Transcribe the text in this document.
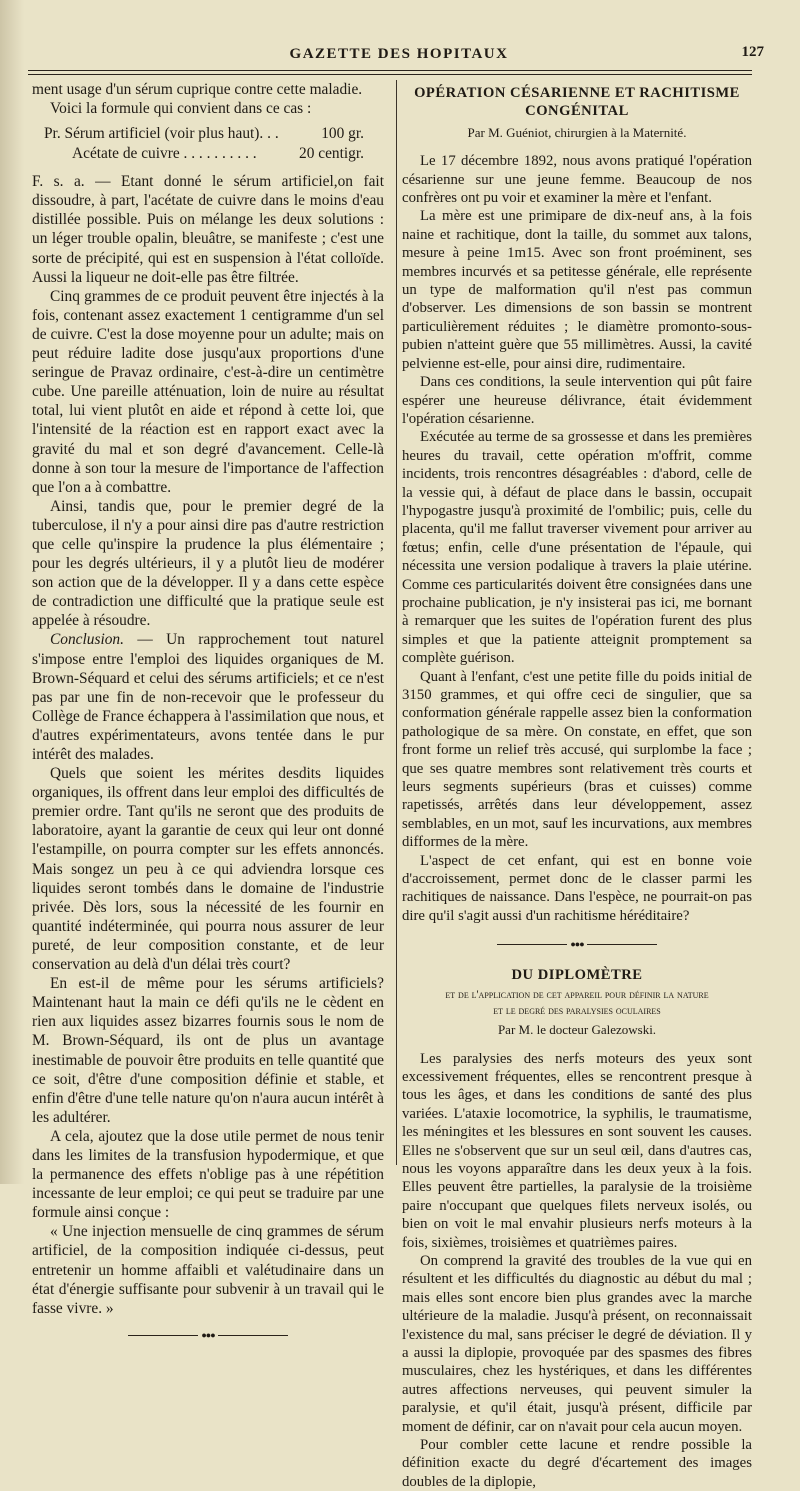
GAZETTE DES HOPITAUX	127

ment usage d'un sérum cuprique contre cette maladie.

Voici la formule qui convient dans ce cas :

Pr. Sérum artificiel (voir plus haut). . .	100 gr.
Acétate de cuivre . . . . . . . . . .	20 centigr.

F. s. a. — Etant donné le sérum artificiel,on fait dissoudre, à part, l'acétate de cuivre dans le moins d'eau distillée possible. Puis on mélange les deux solutions : un léger trouble opalin, bleuâtre, se manifeste ; c'est une sorte de précipité, qui est en suspension à l'état colloïde. Aussi la liqueur ne doit-elle pas être filtrée.

Cinq grammes de ce produit peuvent être injectés à la fois, contenant assez exactement 1 centigramme d'un sel de cuivre. C'est la dose moyenne pour un adulte; mais on peut réduire ladite dose jusqu'aux proportions d'une seringue de Pravaz ordinaire, c'est-à-dire un centimètre cube. Une pareille atténuation, loin de nuire au résultat total, lui vient plutôt en aide et répond à cette loi, que l'intensité de la réaction est en rapport exact avec la gravité du mal et son degré d'avancement. Celle-là donne à son tour la mesure de l'importance de l'affection que l'on a à combattre.

Ainsi, tandis que, pour le premier degré de la tuberculose, il n'y a pour ainsi dire pas d'autre restriction que celle qu'inspire la prudence la plus élémentaire ; pour les degrés ultérieurs, il y a plutôt lieu de modérer son action que de la développer. Il y a dans cette espèce de contradiction une difficulté que la pratique seule est appelée à résoudre.

Conclusion. — Un rapprochement tout naturel s'impose entre l'emploi des liquides organiques de M. Brown-Séquard et celui des sérums artificiels; et ce n'est pas par une fin de non-recevoir que le professeur du Collège de France échappera à l'assimilation que nous, et d'autres expérimentateurs, avons tentée dans le pur intérêt des malades.

Quels que soient les mérites desdits liquides organiques, ils offrent dans leur emploi des difficultés de premier ordre. Tant qu'ils ne seront que des produits de laboratoire, ayant la garantie de ceux qui leur ont donné l'estampille, on pourra compter sur les effets annoncés. Mais songez un peu à ce qui adviendra lorsque ces liquides seront tombés dans le domaine de l'industrie privée. Dès lors, sous la nécessité de les fournir en quantité indéterminée, qui pourra nous assurer de leur pureté, de leur composition constante, et de leur conservation au delà d'un délai très court?

En est-il de même pour les sérums artificiels? Maintenant haut la main ce défi qu'ils ne le cèdent en rien aux liquides assez bizarres fournis sous le nom de M. Brown-Séquard, ils ont de plus un avantage inestimable de pouvoir être produits en telle quantité que ce soit, d'être d'une composition définie et stable, et enfin d'être d'une telle nature qu'on n'aura aucun intérêt à les adultérer.

A cela, ajoutez que la dose utile permet de nous tenir dans les limites de la transfusion hypodermique, et que la permanence des effets n'oblige pas à une répétition incessante de leur emploi; ce qui peut se traduire par une formule ainsi conçue :

« Une injection mensuelle de cinq grammes de sérum artificiel, de la composition indiquée ci-dessus, peut entretenir un homme affaibli et valétudinaire dans un état d'énergie suffisante pour subvenir à un travail qui le fasse vivre. »

●●●
OPÉRATION CÉSARIENNE ET RACHITISME CONGÉNITAL
Par M. Guéniot, chirurgien à la Maternité.

Le 17 décembre 1892, nous avons pratiqué l'opération césarienne sur une jeune femme. Beaucoup de nos confrères ont pu voir et examiner la mère et l'enfant.

La mère est une primipare de dix-neuf ans, à la fois naine et rachitique, dont la taille, du sommet aux talons, mesure à peine 1m15. Avec son front proéminent, ses membres incurvés et sa petitesse générale, elle représente un type de malformation qu'il n'est pas commun d'observer. Les dimensions de son bassin se montrent particulièrement réduites ; le diamètre promonto-sous-pubien n'atteint guère que 55 millimètres. Aussi, la cavité pelvienne est-elle, pour ainsi dire, rudimentaire.

Dans ces conditions, la seule intervention qui pût faire espérer une heureuse délivrance, était évidemment l'opération césarienne.

Exécutée au terme de sa grossesse et dans les premières heures du travail, cette opération m'offrit, comme incidents, trois rencontres désagréables : d'abord, celle de la vessie qui, à défaut de place dans le bassin, occupait l'hypogastre jusqu'à proximité de l'ombilic; puis, celle du placenta, qu'il me fallut traverser vivement pour arriver au fœtus; enfin, celle d'une présentation de l'épaule, qui nécessita une version podalique à travers la plaie utérine. Comme ces particularités doivent être consignées dans une prochaine publication, je n'y insisterai pas ici, me bornant à remarquer que les suites de l'opération furent des plus simples et que la patiente atteignit promptement sa complète guérison.

Quant à l'enfant, c'est une petite fille du poids initial de 3150 grammes, et qui offre ceci de singulier, que sa conformation générale rappelle assez bien la conformation pathologique de sa mère. On constate, en effet, que son front forme un relief très accusé, qui surplombe la face ; que ses quatre membres sont relativement très courts et leurs segments supérieurs (bras et cuisses) comme rapetissés, arrêtés dans leur développement, assez semblables, en un mot, sauf les incurvations, aux membres difformes de la mère.

L'aspect de cet enfant, qui est en bonne voie d'accroissement, permet donc de le classer parmi les rachitiques de naissance. Dans l'espèce, ne pourrait-on pas dire qu'il s'agit aussi d'un rachitisme héréditaire?

●●●
DU DIPLOMÈTRE
et de l'application de cet appareil pour définir la nature
et le degré des paralysies oculaires
Par M. le docteur Galezowski.

Les paralysies des nerfs moteurs des yeux sont excessivement fréquentes, elles se rencontrent presque à tous les âges, et dans les conditions de santé des plus variées. L'ataxie locomotrice, la syphilis, le traumatisme, les méningites et les blessures en sont souvent les causes. Elles ne s'observent que sur un seul œil, dans d'autres cas, nous les voyons apparaître dans les deux yeux à la fois. Elles peuvent être partielles, la paralysie de la troisième paire n'occupant que quelques filets nerveux isolés, ou bien on voit le mal envahir plusieurs nerfs moteurs à la fois, sixièmes, troisièmes et quatrièmes paires.

On comprend la gravité des troubles de la vue qui en résultent et les difficultés du diagnostic au début du mal ; mais elles sont encore bien plus grandes avec la marche ultérieure de la maladie. Jusqu'à présent, on reconnaissait l'existence du mal, sans préciser le degré de déviation. Il y a aussi la diplopie, provoquée par des spasmes des fibres musculaires, chez les hystériques, et dans les différentes autres affections nerveuses, qui peuvent simuler la paralysie, et qu'il était, jusqu'à présent, difficile par moment de définir, car on n'avait pour cela aucun moyen.

Pour combler cette lacune et rendre possible la définition exacte du degré d'écartement des images doubles de la diplopie,
